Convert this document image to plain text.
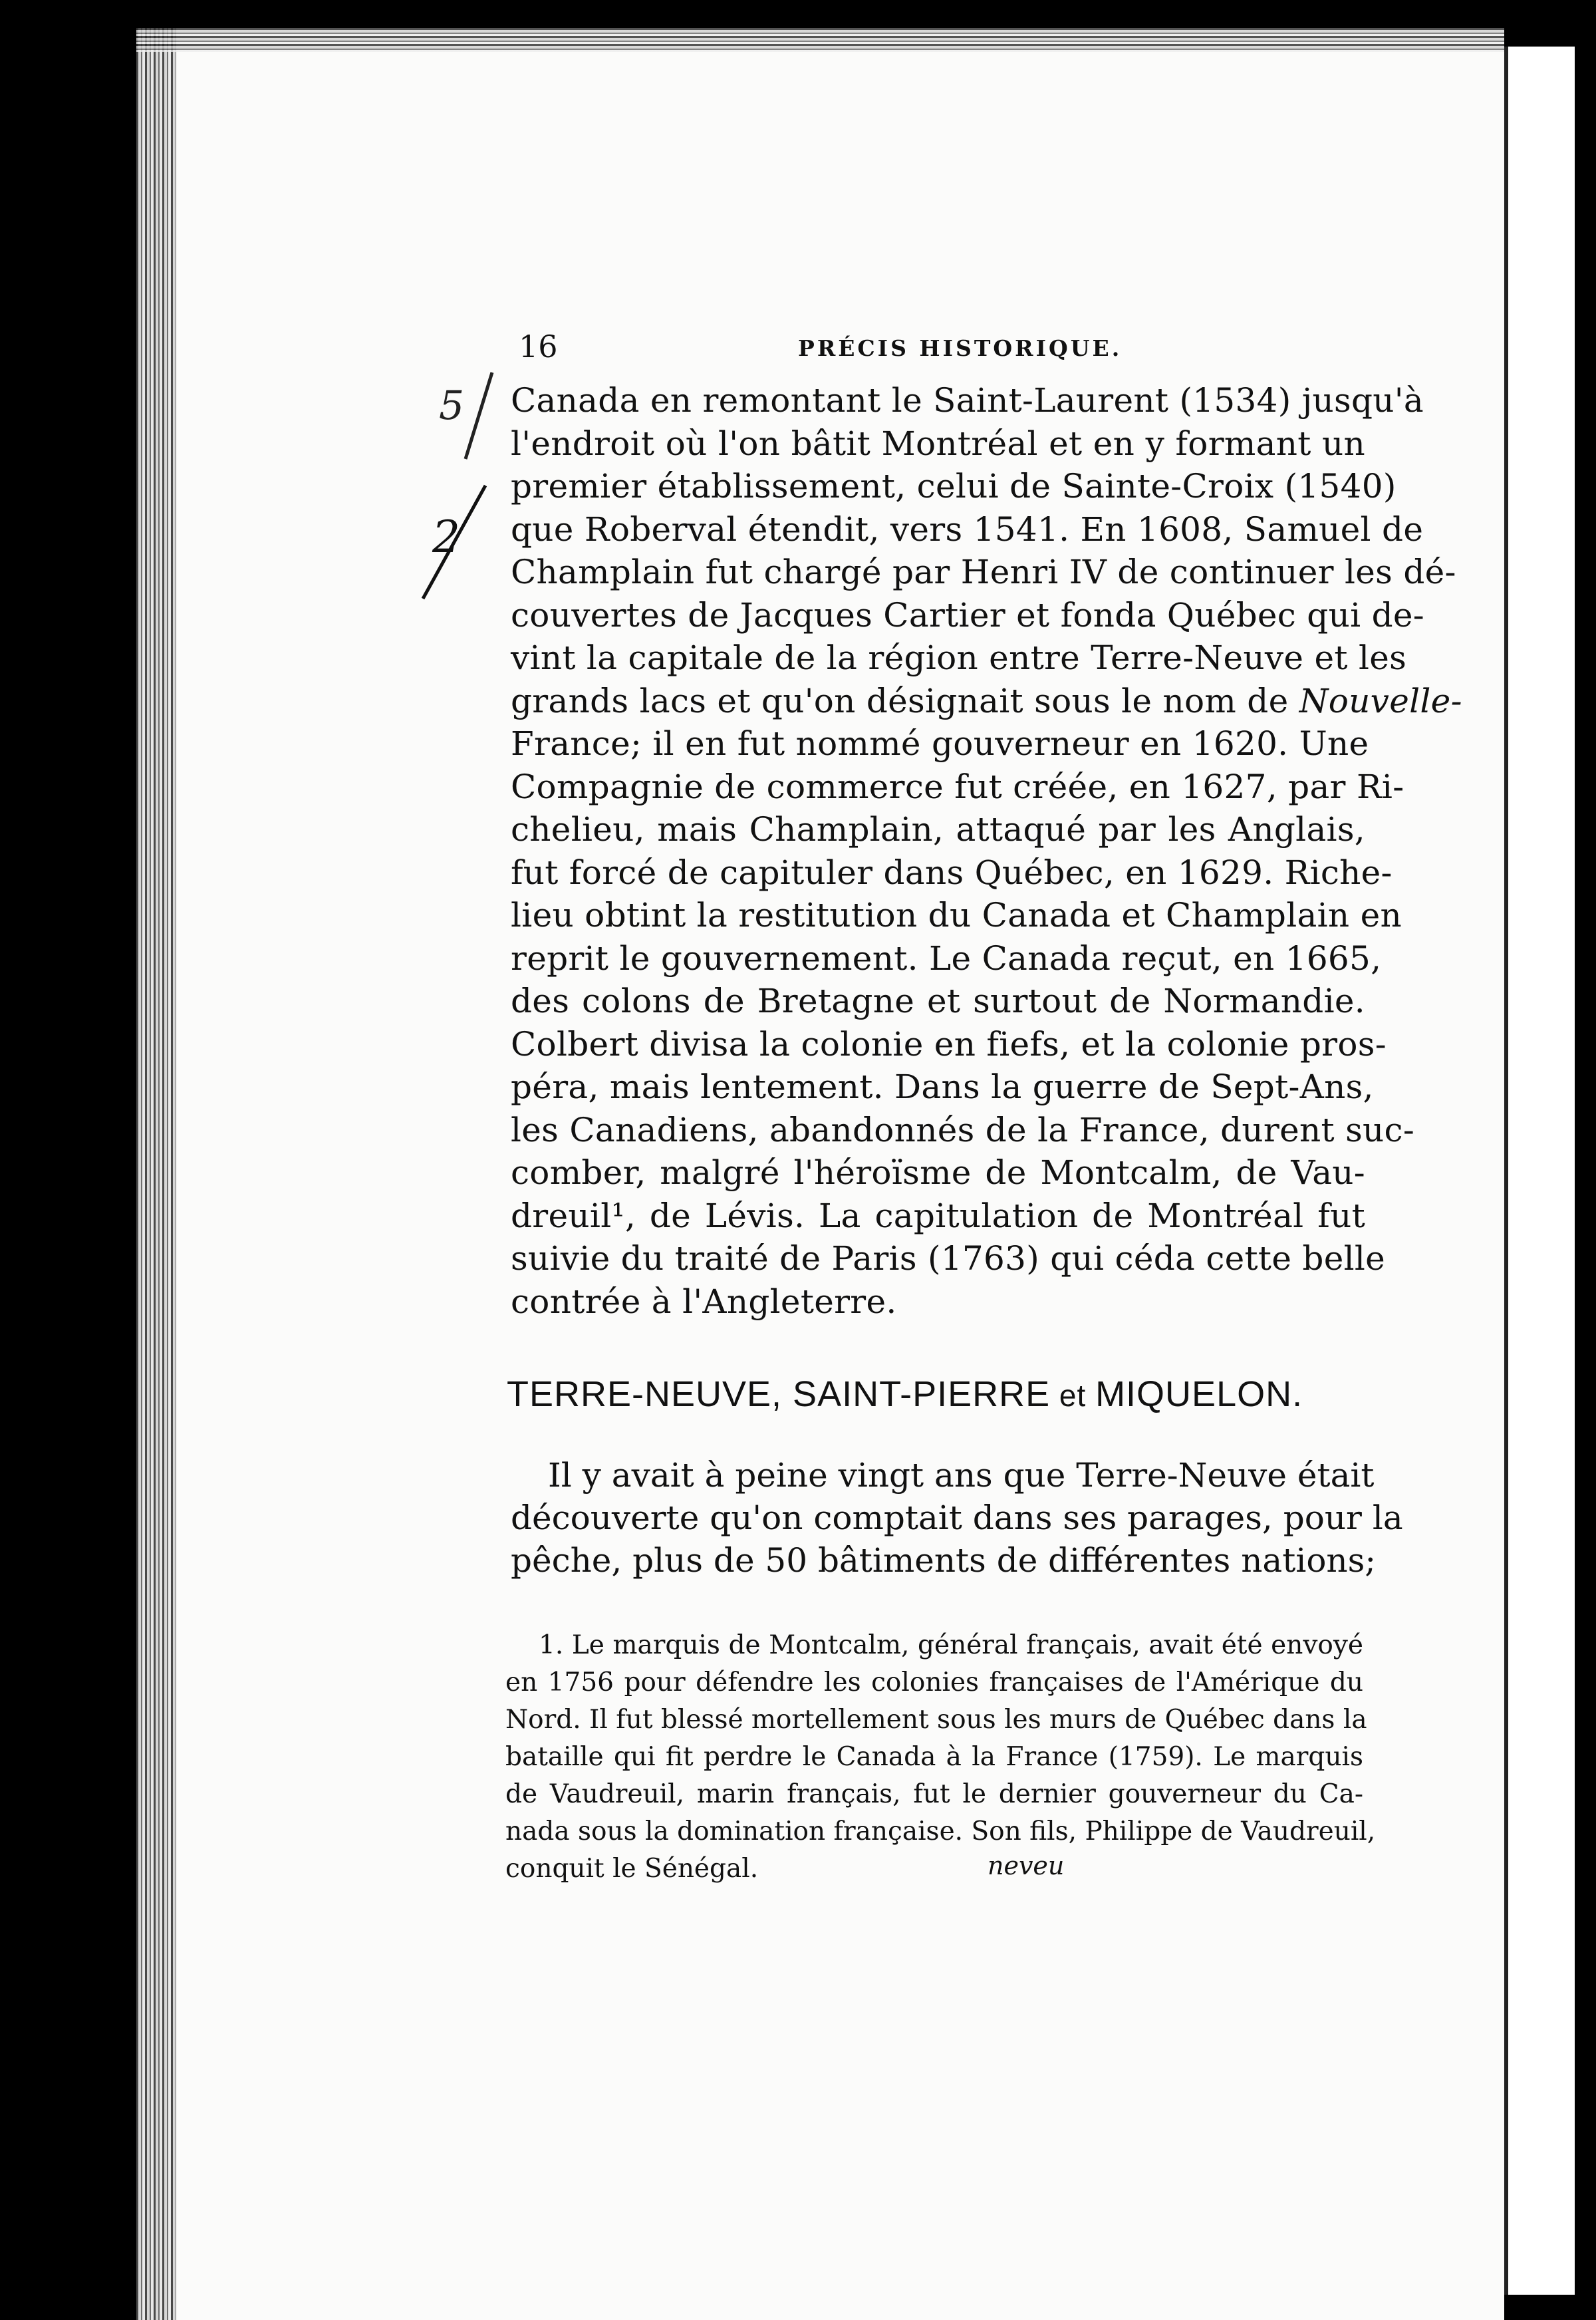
16	PRÉCIS HISTORIQUE.
Canada en remontant le Saint-Laurent (1534) jusqu'à
l'endroit où l'on bâtit Montréal et en y formant un
premier établissement, celui de Sainte-Croix (1540)
que Roberval étendit, vers 1541. En 1608, Samuel de
Champlain fut chargé par Henri IV de continuer les dé-
couvertes de Jacques Cartier et fonda Québec qui de-
vint la capitale de la région entre Terre-Neuve et les
grands lacs et qu'on désignait sous le nom de Nouvelle-
France; il en fut nommé gouverneur en 1620. Une
Compagnie de commerce fut créée, en 1627, par Ri-
chelieu, mais Champlain, attaqué par les Anglais,
fut forcé de capituler dans Québec, en 1629. Riche-
lieu obtint la restitution du Canada et Champlain en
reprit le gouvernement. Le Canada reçut, en 1665,
des colons de Bretagne et surtout de Normandie.
Colbert divisa la colonie en fiefs, et la colonie pros-
péra, mais lentement. Dans la guerre de Sept-Ans,
les Canadiens, abandonnés de la France, durent suc-
comber, malgré l'héroïsme de Montcalm, de Vau-
dreuil¹, de Lévis. La capitulation de Montréal fut
suivie du traité de Paris (1763) qui céda cette belle
contrée à l'Angleterre.
TERRE-NEUVE, SAINT-PIERRE et MIQUELON.
Il y avait à peine vingt ans que Terre-Neuve était
découverte qu'on comptait dans ses parages, pour la
pêche, plus de 50 bâtiments de différentes nations;
1. Le marquis de Montcalm, général français, avait été envoyé
en 1756 pour défendre les colonies françaises de l'Amérique du
Nord. Il fut blessé mortellement sous les murs de Québec dans la
bataille qui fit perdre le Canada à la France (1759). Le marquis
de Vaudreuil, marin français, fut le dernier gouverneur du Ca-
nada sous la domination française. Son fils, Philippe de Vaudreuil,
conquit le Sénégal.
5
2
neveu
